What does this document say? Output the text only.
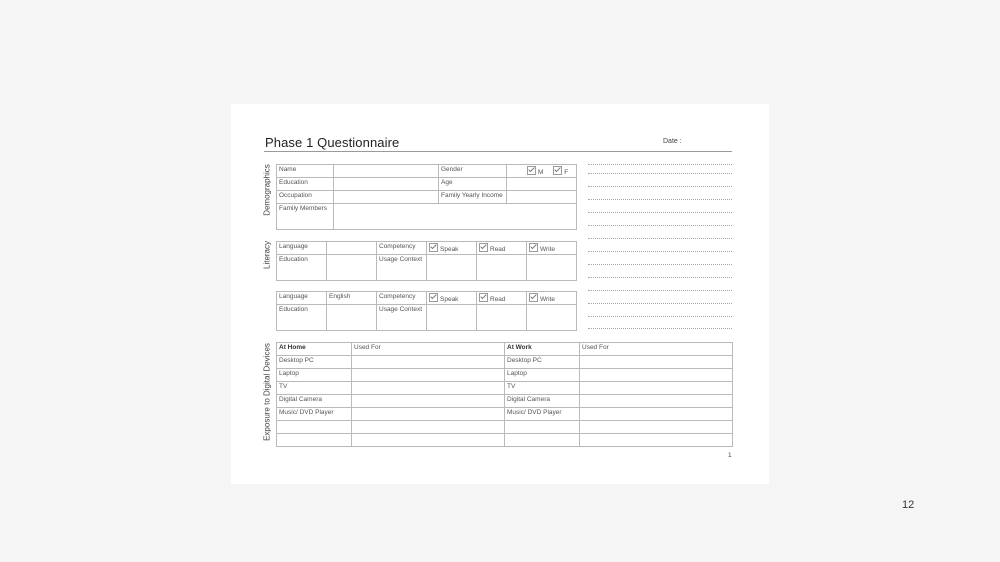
Phase 1 Questionnaire	Date :
Demographics
Literacy
Exposure to Digital Devices
Name		Gender	M F
Education		Age	
Occupation		Family Yearly Income	
Family Members			
Language		Competency	Speak	Read	Write
Education		Usage Context			
Language	English	Competency	Speak	Read	Write
Education		Usage Context			
At Home	Used For	At Work	Used For
Desktop PC		Desktop PC	
Laptop		Laptop	
TV		TV	
Digital Camera		Digital Camera	
Music/ DVD Player		Music/ DVD Player	

1
12
